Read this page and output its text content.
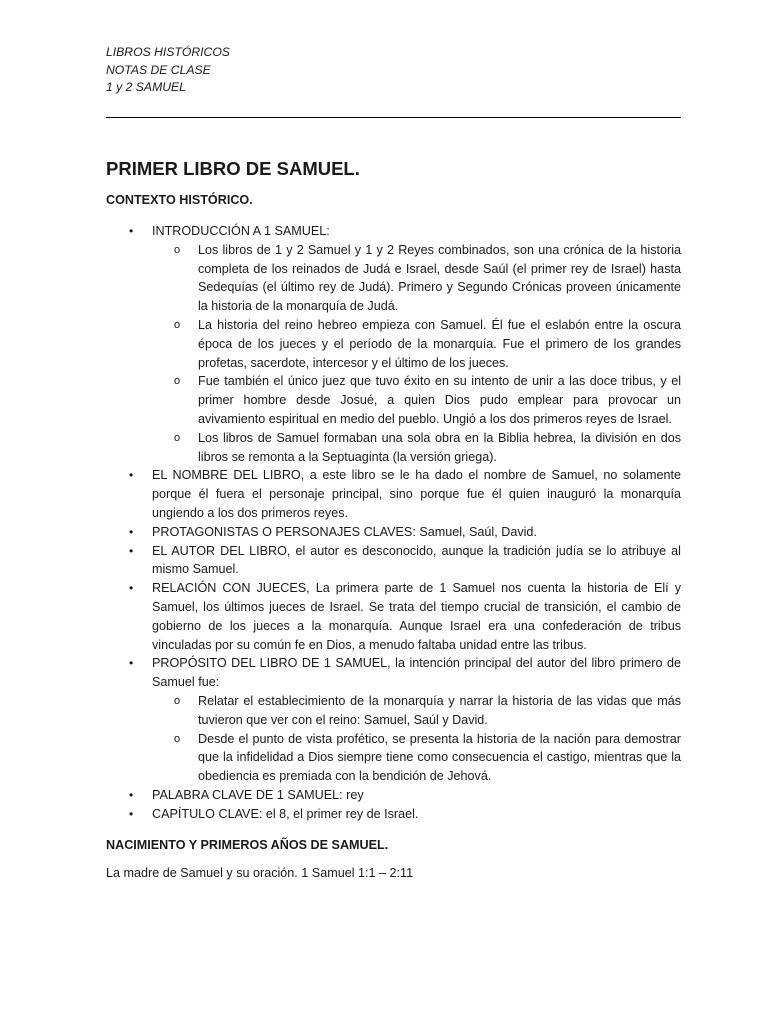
LIBROS HISTÓRICOS
NOTAS DE CLASE
1 y 2 SAMUEL
PRIMER LIBRO DE SAMUEL.

CONTEXTO HISTÓRICO.

• INTRODUCCIÓN A 1 SAMUEL:
o Los libros de 1 y 2 Samuel y 1 y 2 Reyes combinados, son una crónica de la historia completa de los reinados de Judá e Israel, desde Saúl (el primer rey de Israel) hasta Sedequías (el último rey de Judá). Primero y Segundo Crónicas proveen únicamente la historia de la monarquía de Judá.
o La historia del reino hebreo empieza con Samuel. Él fue el eslabón entre la oscura época de los jueces y el período de la monarquía. Fue el primero de los grandes profetas, sacerdote, intercesor y el último de los jueces.
o Fue también el único juez que tuvo éxito en su intento de unir a las doce tribus, y el primer hombre desde Josué, a quien Dios pudo emplear para provocar un avivamiento espiritual en medio del pueblo. Ungió a los dos primeros reyes de Israel.
o Los libros de Samuel formaban una sola obra en la Biblia hebrea, la división en dos libros se remonta a la Septuaginta (la versión griega).
• EL NOMBRE DEL LIBRO, a este libro se le ha dado el nombre de Samuel, no solamente porque él fuera el personaje principal, sino porque fue él quien inauguró la monarquía ungiendo a los dos primeros reyes.
• PROTAGONISTAS O PERSONAJES CLAVES: Samuel, Saúl, David.
• EL AUTOR DEL LIBRO, el autor es desconocido, aunque la tradición judía se lo atribuye al mismo Samuel.
• RELACIÓN CON JUECES, La primera parte de 1 Samuel nos cuenta la historia de Elí y Samuel, los últimos jueces de Israel. Se trata del tiempo crucial de transición, el cambio de gobierno de los jueces a la monarquía. Aunque Israel era una confederación de tribus vinculadas por su común fe en Dios, a menudo faltaba unidad entre las tribus.
• PROPÓSITO DEL LIBRO DE 1 SAMUEL, la intención principal del autor del libro primero de Samuel fue:
o Relatar el establecimiento de la monarquía y narrar la historia de las vidas que más tuvieron que ver con el reino: Samuel, Saúl y David.
o Desde el punto de vista profético, se presenta la historia de la nación para demostrar que la infidelidad a Dios siempre tiene como consecuencia el castigo, mientras que la obediencia es premiada con la bendición de Jehová.
• PALABRA CLAVE DE 1 SAMUEL: rey
• CAPÍTULO CLAVE: el 8, el primer rey de Israel.

NACIMIENTO Y PRIMEROS AÑOS DE SAMUEL.

La madre de Samuel y su oración. 1 Samuel 1:1 – 2:11
